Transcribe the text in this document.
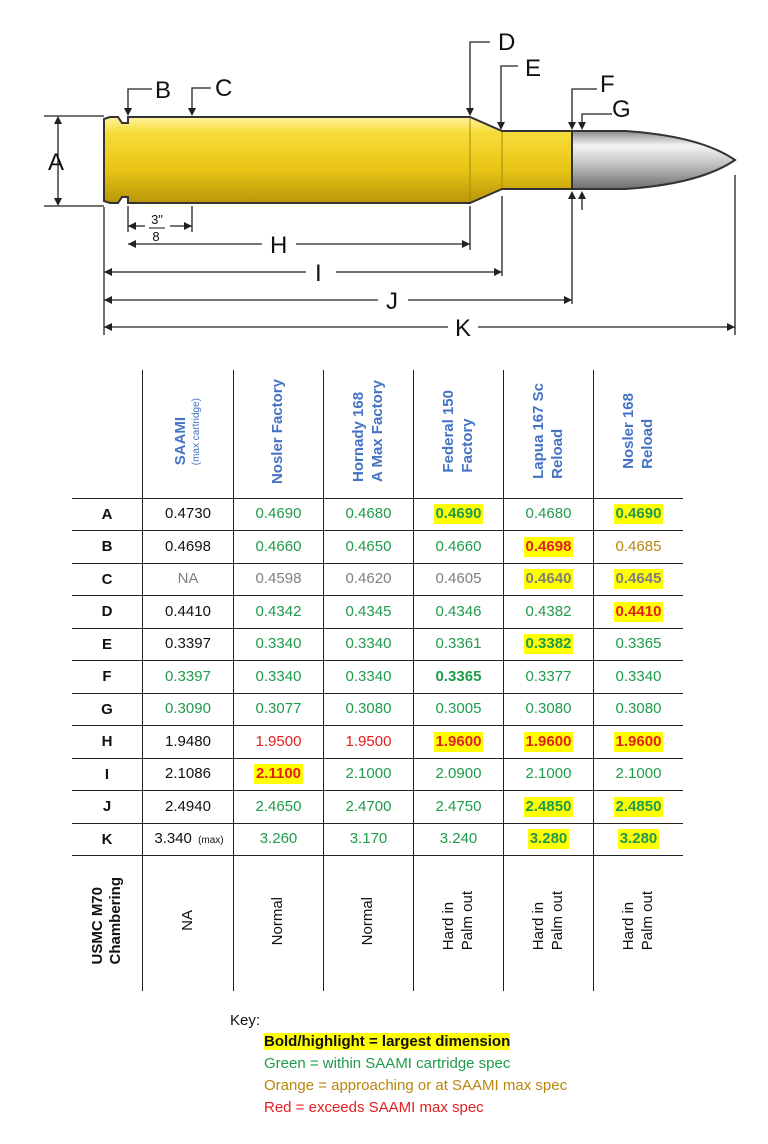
A
B C
D
E
F
G
H
I
J
K
3"
8
	SAAMI (max cartridge)	Nosler Factory	Hornady 168 A Max Factory	Federal 150 Factory	Lapua 167 Sc Reload	Nosler 168 Reload

A	0.4730	0.4690	0.4680	0.4690	0.4680	0.4690
B	0.4698	0.4660	0.4650	0.4660	0.4698	0.4685
C	NA	0.4598	0.4620	0.4605	0.4640	0.4645
D	0.4410	0.4342	0.4345	0.4346	0.4382	0.4410
E	0.3397	0.3340	0.3340	0.3361	0.3382	0.3365
F	0.3397	0.3340	0.3340	0.3365	0.3377	0.3340
G	0.3090	0.3077	0.3080	0.3005	0.3080	0.3080
H	1.9480	1.9500	1.9500	1.9600	1.9600	1.9600
I	2.1086	2.1100	2.1000	2.0900	2.1000	2.1000
J	2.4940	2.4650	2.4700	2.4750	2.4850	2.4850
K	3.340 (max)	3.260	3.170	3.240	3.280	3.280

USMC M70 Chambering	NA	Normal	Normal	Hard in Palm out	Hard in Palm out	Hard in Palm out
Key:
Bold/highlight = largest dimension
Green = within SAAMI cartridge spec
Orange = approaching or at SAAMI max spec
Red = exceeds SAAMI max spec
